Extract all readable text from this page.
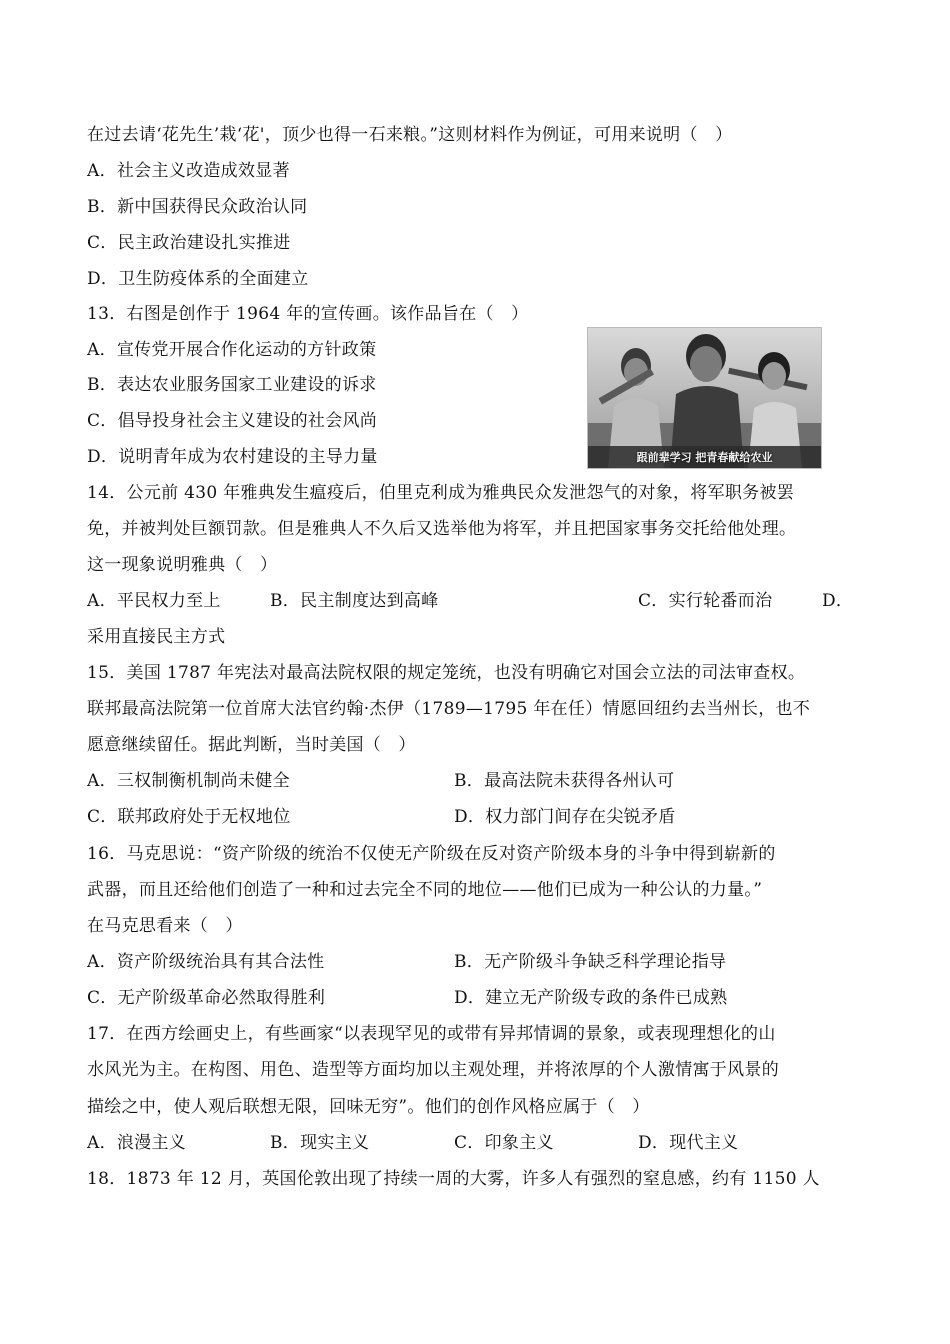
在过去请‘花先生’栽‘花'，顶少也得一石来粮。”这则材料作为例证，可用来说明（　）
A．社会主义改造成效显著
B．新中国获得民众政治认同
C．民主政治建设扎实推进
D．卫生防疫体系的全面建立
13．右图是创作于 1964 年的宣传画。该作品旨在（　）
A．宣传党开展合作化运动的方针政策
B．表达农业服务国家工业建设的诉求
C．倡导投身社会主义建设的社会风尚
D．说明青年成为农村建设的主导力量	跟前辈学习 把青春献给农业
14．公元前 430 年雅典发生瘟疫后，伯里克利成为雅典民众发泄怨气的对象，将军职务被罢
免，并被判处巨额罚款。但是雅典人不久后又选举他为将军，并且把国家事务交托给他处理。
这一现象说明雅典（　）
A．平民权力至上	B．民主制度达到高峰	C．实行轮番而治	D．
采用直接民主方式
15．美国 1787 年宪法对最高法院权限的规定笼统，也没有明确它对国会立法的司法审查权。
联邦最高法院第一位首席大法官约翰·杰伊（1789—1795 年在任）情愿回纽约去当州长，也不
愿意继续留任。据此判断，当时美国（　）
A．三权制衡机制尚未健全	B．最高法院未获得各州认可
C．联邦政府处于无权地位	D．权力部门间存在尖锐矛盾
16．马克思说：“资产阶级的统治不仅使无产阶级在反对资产阶级本身的斗争中得到崭新的
武器，而且还给他们创造了一种和过去完全不同的地位——他们已成为一种公认的力量。”
在马克思看来（　）
A．资产阶级统治具有其合法性	B．无产阶级斗争缺乏科学理论指导
C．无产阶级革命必然取得胜利	D．建立无产阶级专政的条件已成熟
17．在西方绘画史上，有些画家“以表现罕见的或带有异邦情调的景象，或表现理想化的山
水风光为主。在构图、用色、造型等方面均加以主观处理，并将浓厚的个人激情寓于风景的
描绘之中，使人观后联想无限，回味无穷”。他们的创作风格应属于（　）
A．浪漫主义	B．现实主义	C．印象主义	D．现代主义
18．1873 年 12 月，英国伦敦出现了持续一周的大雾，许多人有强烈的窒息感，约有 1150 人
